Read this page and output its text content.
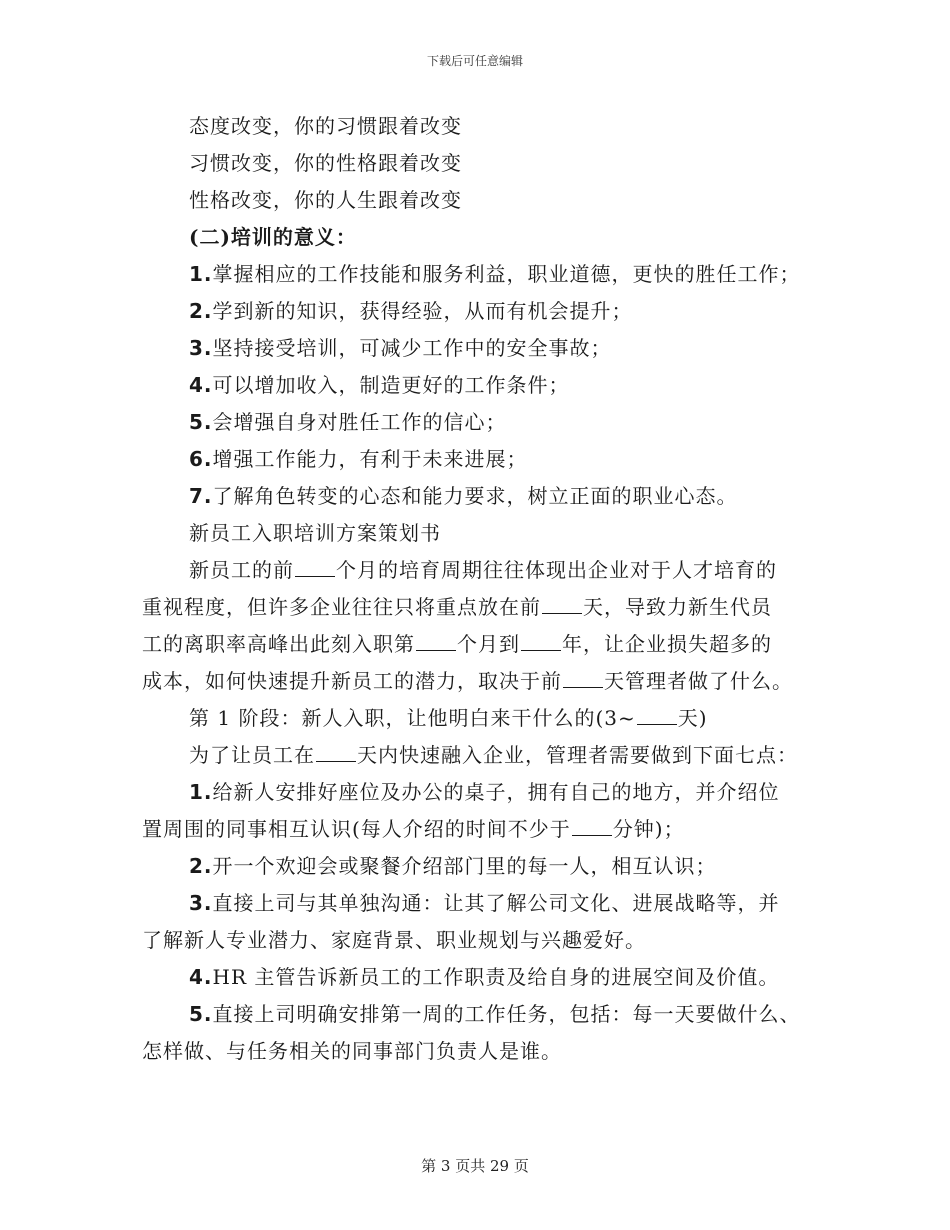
下载后可任意编辑
态度改变，你的习惯跟着改变
习惯改变，你的性格跟着改变
性格改变，你的人生跟着改变
(二)培训的意义：
1.掌握相应的工作技能和服务利益，职业道德，更快的胜任工作；
2.学到新的知识，获得经验，从而有机会提升；
3.坚持接受培训，可减少工作中的安全事故；
4.可以增加收入，制造更好的工作条件；
5.会增强自身对胜任工作的信心；
6.增强工作能力，有利于未来进展；
7.了解角色转变的心态和能力要求，树立正面的职业心态。
新员工入职培训方案策划书
新员工的前 个月的培育周期往往体现出企业对于人才培育的
重视程度，但许多企业往往只将重点放在前 天，导致力新生代员
工的离职率高峰出此刻入职第 个月到 年，让企业损失超多的
成本，如何快速提升新员工的潜力，取决于前 天管理者做了什么。
第 1 阶段：新人入职，让他明白来干什么的(3~ 天)
为了让员工在 天内快速融入企业，管理者需要做到下面七点：
1.给新人安排好座位及办公的桌子，拥有自己的地方，并介绍位
置周围的同事相互认识(每人介绍的时间不少于 分钟)；
2.开一个欢迎会或聚餐介绍部门里的每一人，相互认识；
3.直接上司与其单独沟通：让其了解公司文化、进展战略等，并
了解新人专业潜力、家庭背景、职业规划与兴趣爱好。
4.HR 主管告诉新员工的工作职责及给自身的进展空间及价值。
5.直接上司明确安排第一周的工作任务，包括：每一天要做什么、
怎样做、与任务相关的同事部门负责人是谁。
第 3 页共 29 页
